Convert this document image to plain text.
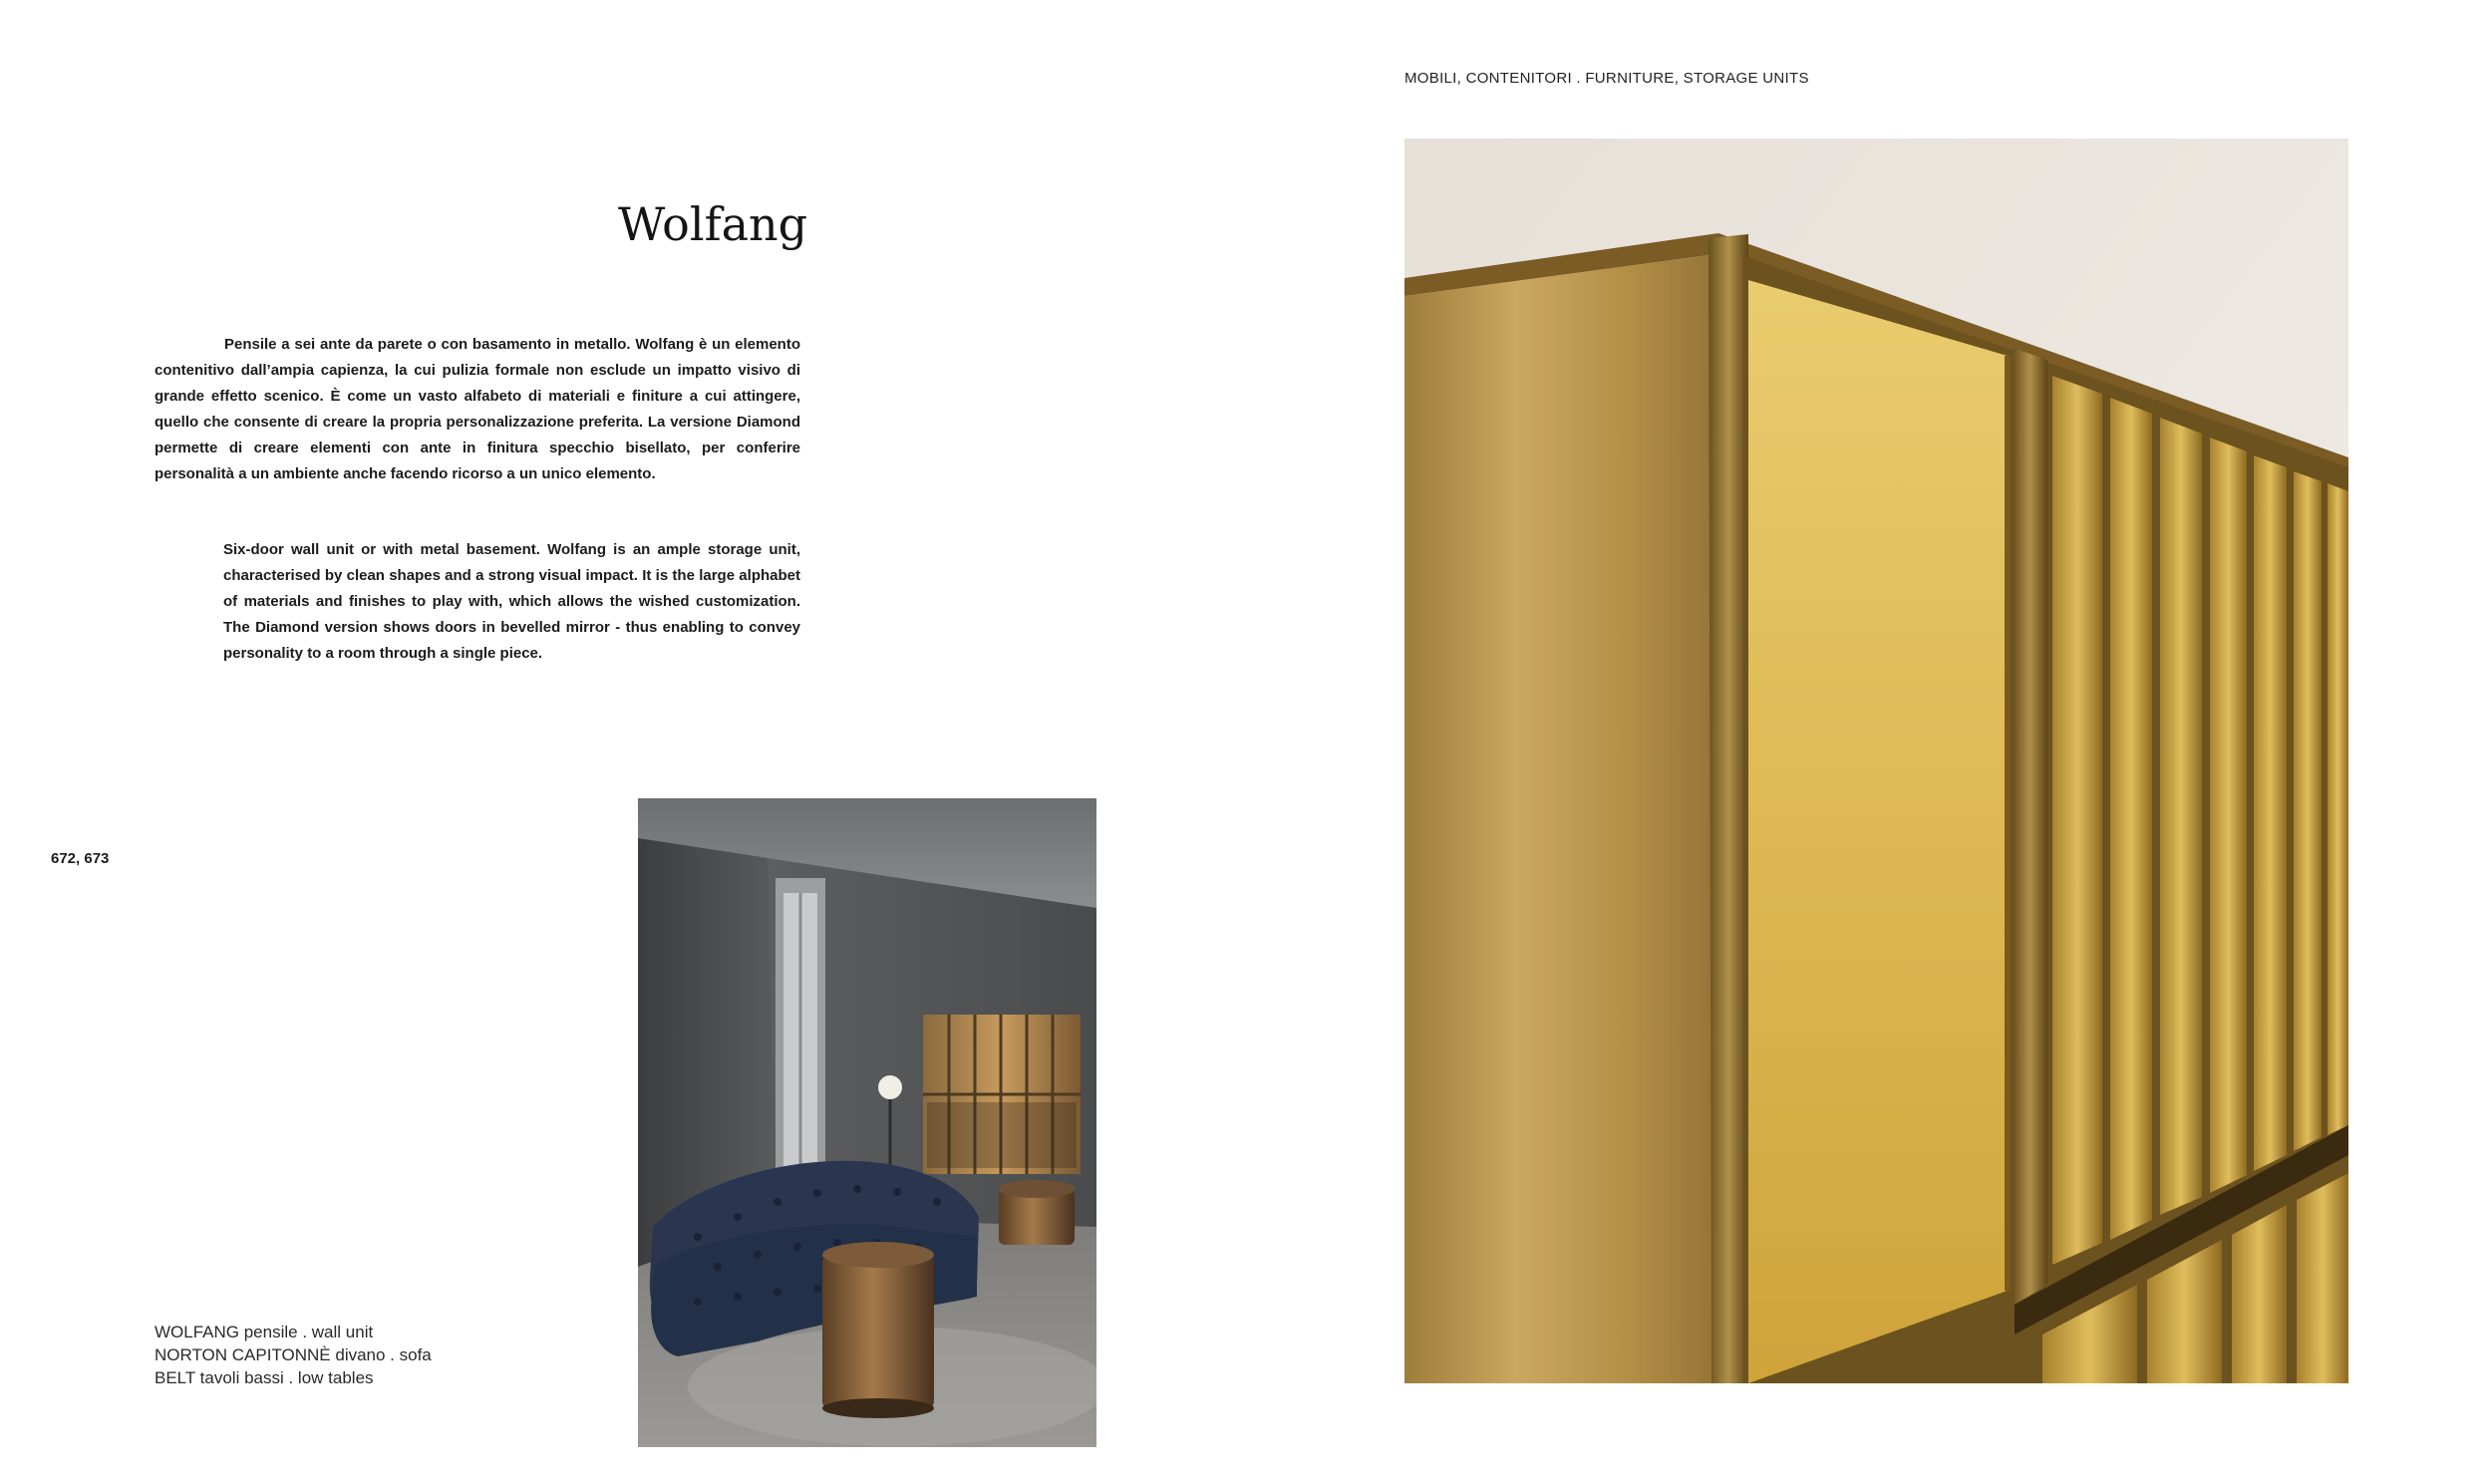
MOBILI, CONTENITORI . FURNITURE, STORAGE UNITS
Wolfang
Pensile a sei ante da parete o con basamento in metallo. Wolfang è un elemento contenitivo dall’ampia capienza, la cui pulizia formale non esclude un impatto visivo di grande effetto scenico. È come un vasto alfabeto di materiali e finiture a cui attingere, quello che consente di creare la propria personalizzazione preferita. La versione Diamond permette di creare elementi con ante in finitura specchio bisellato, per conferire personalità a un ambiente anche facendo ricorso a un unico elemento.
Six-door wall unit or with metal basement. Wolfang is an ample storage unit, characterised by clean shapes and a strong visual impact. It is the large alphabet of materials and finishes to play with, which allows the wished customization. The Diamond version shows doors in bevelled mirror - thus enabling to convey personality to a room through a single piece.
672, 673
WOLFANG pensile . wall unit
NORTON CAPITONNÈ divano . sofa
BELT tavoli bassi . low tables
